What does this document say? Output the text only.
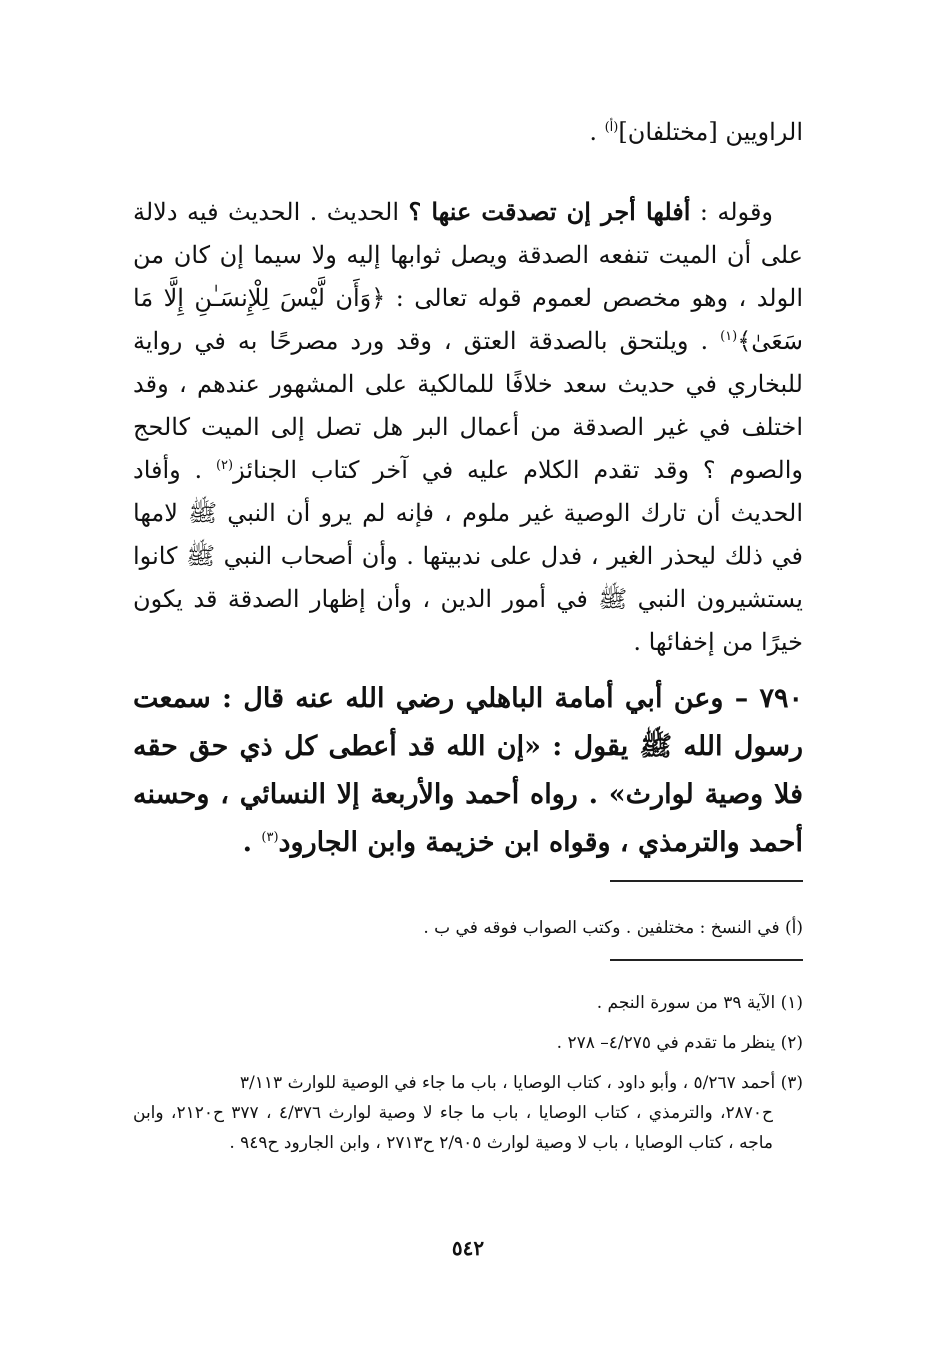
الراويين [مختلفان]$^{(أ)}$ .
وقوله : أفلها أجر إن تصدقت عنها ؟ الحديث . الحديث فيه دلالة على أن الميت تنفعه الصدقة ويصل ثوابها إليه ولا سيما إن كان من الولد ، وهو مخصص لعموم قوله تعالى : ﴿وَأَن لَّيْسَ لِلْإِنسَـٰنِ إِلَّا مَا سَعَىٰ﴾$^{(١)}$ . ويلتحق بالصدقة العتق ، وقد ورد مصرحًا به في رواية للبخاري في حديث سعد خلافًا للمالكية على المشهور عندهم ، وقد اختلف في غير الصدقة من أعمال البر هل تصل إلى الميت كالحج والصوم ؟ وقد تقدم الكلام عليه في آخر كتاب الجنائز$^{(٢)}$ . وأفاد الحديث أن تارك الوصية غير ملوم ، فإنه لم يرو أن النبي ﷺ لامها في ذلك ليحذر الغير ، فدل على ندبيتها . وأن أصحاب النبي ﷺ كانوا يستشيرون النبي ﷺ في أمور الدين ، وأن إظهار الصدقة قد يكون خيرًا من إخفائها .
٧٩٠ – وعن أبي أمامة الباهلي رضي الله عنه قال : سمعت رسول الله ﷺ يقول : «إن الله قد أعطى كل ذي حق حقه فلا وصية لوارث» . رواه أحمد والأربعة إلا النسائي ، وحسنه أحمد والترمذي ، وقواه ابن خزيمة وابن الجارود$^{(٣)}$ .
(أ) في النسخ : مختلفين . وكتب الصواب فوقه في ب .
(١) الآية ٣٩ من سورة النجم .
(٢) ينظر ما تقدم في ٤/٢٧٥– ٢٧٨ .
(٣) أحمد ٥/٢٦٧ ، وأبو داود ، كتاب الوصايا ، باب ما جاء في الوصية للوارث ٣/١١٣
ح٢٨٧٠، والترمذي ، كتاب الوصايا ، باب ما جاء لا وصية لوارث ٤/٣٧٦ ، ٣٧٧ ح٢١٢٠، وابن ماجه ، كتاب الوصايا ، باب لا وصية لوارث ٢/٩٠٥ ح٢٧١٣ ، وابن الجارود ح٩٤٩ .
٥٤٢
